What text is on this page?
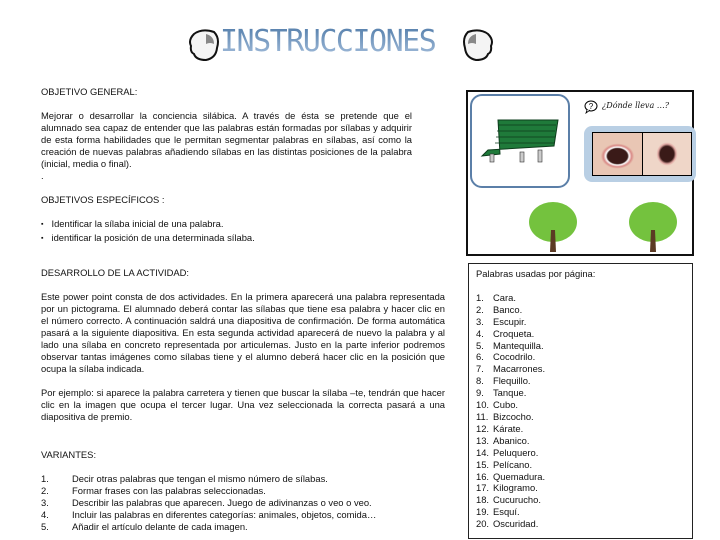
INSTRUCCIONES
OBJETIVO GENERAL:

Mejorar o desarrollar la conciencia silábica. A través de ésta se pretende que el alumnado sea capaz de entender que las palabras están formadas por sílabas y adquirir de esta forma habilidades que le permitan segmentar palabras en sílabas, así como la creación de nuevas palabras añadiendo sílabas en las distintas posiciones de la palabra (inicial, media o final).

.
OBJETIVOS ESPECÍFICOS :
▪ Identificar la sílaba inicial de una palabra.
▪ identificar la posición de una determinada sílaba.
DESARROLLO DE LA ACTIVIDAD:

Este power point consta de dos actividades. En la primera aparecerá una palabra representada por un pictograma. El alumnado deberá contar las sílabas que tiene esa palabra y hacer clic en el número correcto. A continuación saldrá una diapositiva de confirmación. De forma automática pasará a la siguiente diapositiva. En esta segunda actividad aparecerá de nuevo la palabra y al lado una sílaba en concreto representada por articulemas. Justo en la parte inferior podremos observar tantas imágenes como sílabas tiene y el alumno deberá hacer clic en la posición que ocupa la sílaba indicada.

Por ejemplo: si aparece la palabra carretera y tienen que buscar la sílaba –te, tendrán que hacer clic en la imagen que ocupa el tercer lugar. Una vez seleccionada la correcta pasará a una diapositiva de premio.

VARIANTES:
1. Decir otras palabras que tengan el mismo número de sílabas.
2. Formar frases con las palabras seleccionadas.
3. Describir las palabras que aparecen. Juego de adivinanzas o veo o veo.
4. Incluir las palabras en diferentes categorías: animales, objetos, comida…
5. Añadir el artículo delante de cada imagen.
? ¿Dónde lleva …?
Palabras usadas por página:
1. Cara.
2. Banco.
3. Escupir.
4. Croqueta.
5. Mantequilla.
6. Cocodrilo.
7. Macarrones.
8. Flequillo.
9. Tanque.
10. Cubo.
11. Bizcocho.
12. Kárate.
13. Abanico.
14. Peluquero.
15. Pelícano.
16. Quemadura.
17. Kilogramo.
18. Cucurucho.
19. Esquí.
20. Oscuridad.
